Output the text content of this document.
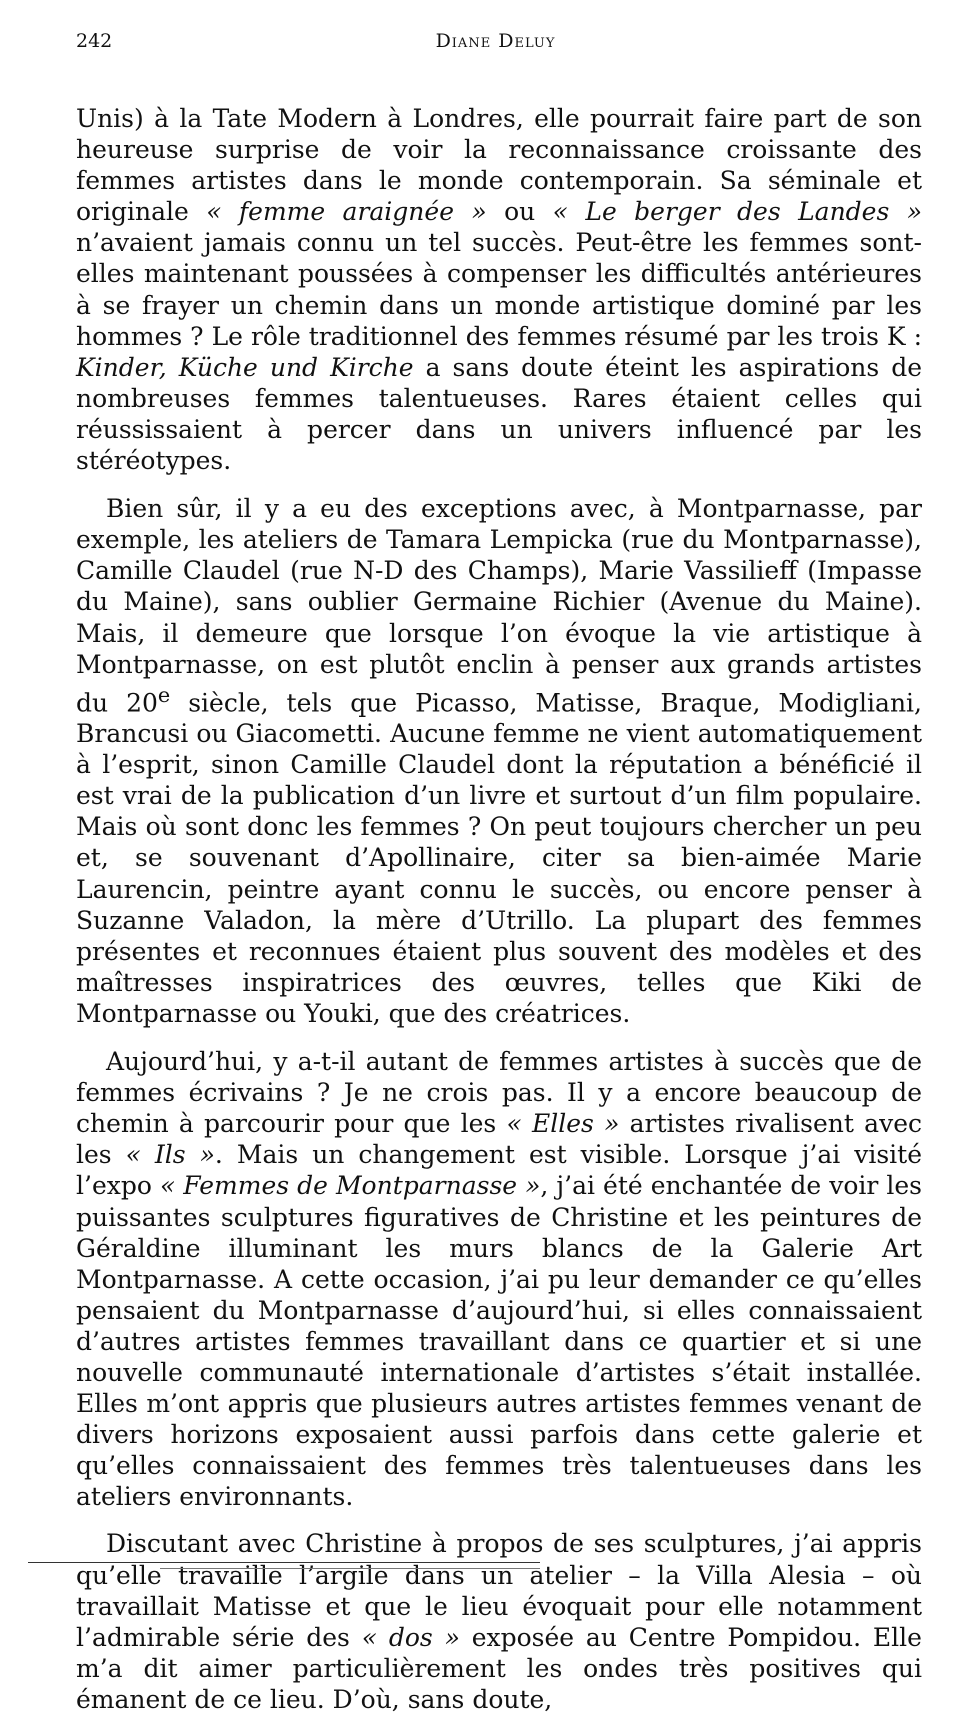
242	Diane Deluy

Unis) à la Tate Modern à Londres, elle pourrait faire part de son heureuse surprise de voir la reconnaissance croissante des femmes artistes dans le monde contemporain. Sa séminale et originale « femme araignée » ou « Le berger des Landes » n’avaient jamais connu un tel succès. Peut-être les femmes sont-elles maintenant poussées à compenser les difficultés antérieures à se frayer un chemin dans un monde artistique dominé par les hommes ? Le rôle traditionnel des femmes résumé par les trois K : Kinder, Küche und Kirche a sans doute éteint les aspirations de nombreuses femmes talentueuses. Rares étaient celles qui réussissaient à percer dans un univers influencé par les stéréotypes.

Bien sûr, il y a eu des exceptions avec, à Montparnasse, par exemple, les ateliers de Tamara Lempicka (rue du Montparnasse), Camille Claudel (rue N-D des Champs), Marie Vassilieff (Impasse du Maine), sans oublier Germaine Richier (Avenue du Maine). Mais, il demeure que lorsque l’on évoque la vie artistique à Montparnasse, on est plutôt enclin à penser aux grands artistes du 20e siècle, tels que Picasso, Matisse, Braque, Modigliani, Brancusi ou Giacometti. Aucune femme ne vient automatiquement à l’esprit, sinon Camille Claudel dont la réputation a bénéficié il est vrai de la publication d’un livre et surtout d’un film populaire. Mais où sont donc les femmes ? On peut toujours chercher un peu et, se souvenant d’Apollinaire, citer sa bien-aimée Marie Laurencin, peintre ayant connu le succès, ou encore penser à Suzanne Valadon, la mère d’Utrillo. La plupart des femmes présentes et reconnues étaient plus souvent des modèles et des maîtresses inspiratrices des œuvres, telles que Kiki de Montparnasse ou Youki, que des créatrices.

Aujourd’hui, y a-t-il autant de femmes artistes à succès que de femmes écrivains ? Je ne crois pas. Il y a encore beaucoup de chemin à parcourir pour que les « Elles » artistes rivalisent avec les « Ils ». Mais un changement est visible. Lorsque j’ai visité l’expo « Femmes de Montparnasse », j’ai été enchantée de voir les puissantes sculptures figuratives de Christine et les peintures de Géraldine illuminant les murs blancs de la Galerie Art Montparnasse. A cette occasion, j’ai pu leur demander ce qu’elles pensaient du Montparnasse d’aujourd’hui, si elles connaissaient d’autres artistes femmes travaillant dans ce quartier et si une nouvelle communauté internationale d’artistes s’était installée. Elles m’ont appris que plusieurs autres artistes femmes venant de divers horizons exposaient aussi parfois dans cette galerie et qu’elles connaissaient des femmes très talentueuses dans les ateliers environnants.

Discutant avec Christine à propos de ses sculptures, j’ai appris qu’elle travaille l’argile dans un atelier – la Villa Alesia – où travaillait Matisse et que le lieu évoquait pour elle notamment l’admirable série des « dos » exposée au Centre Pompidou. Elle m’a dit aimer particulièrement les ondes très positives qui émanent de ce lieu. D’où, sans doute,
